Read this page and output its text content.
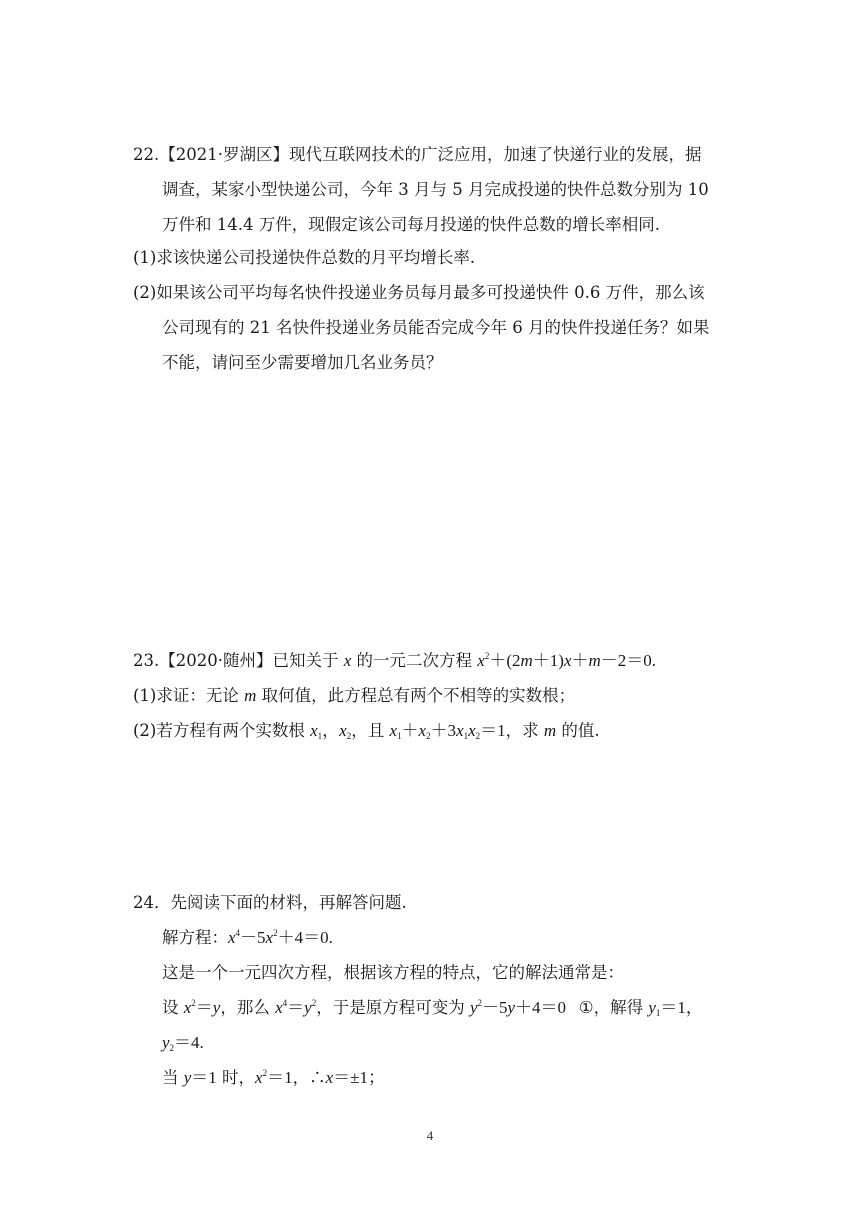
22.【2021·罗湖区】现代互联网技术的广泛应用，加速了快递行业的发展，据
调查，某家小型快递公司，今年 3 月与 5 月完成投递的快件总数分别为 10
万件和 14.4 万件，现假定该公司每月投递的快件总数的增长率相同.
(1)求该快递公司投递快件总数的月平均增长率.
(2)如果该公司平均每名快件投递业务员每月最多可投递快件 0.6 万件，那么该
公司现有的 21 名快件投递业务员能否完成今年 6 月的快件投递任务？如果
不能，请问至少需要增加几名业务员？
23.【2020·随州】已知关于 x 的一元二次方程 $x^2+(2m+1)x+m-2=0$.
(1)求证：无论 m 取何值，此方程总有两个不相等的实数根；
(2)若方程有两个实数根 $x_1$，$x_2$，且 $x_1+x_2+3x_1x_2=1$，求 m 的值.
24．先阅读下面的材料，再解答问题.
解方程：$x^4-5x^2+4=0$.
这是一个一元四次方程，根据该方程的特点，它的解法通常是：
设 $x^2=y$，那么 $x^4=y^2$，于是原方程可变为 $y^2-5y+4=0$   ①，解得 $y_1=1$，
$y_2=4$.
当 y＝1 时，$x^2=1$，∴x＝±1；
4
